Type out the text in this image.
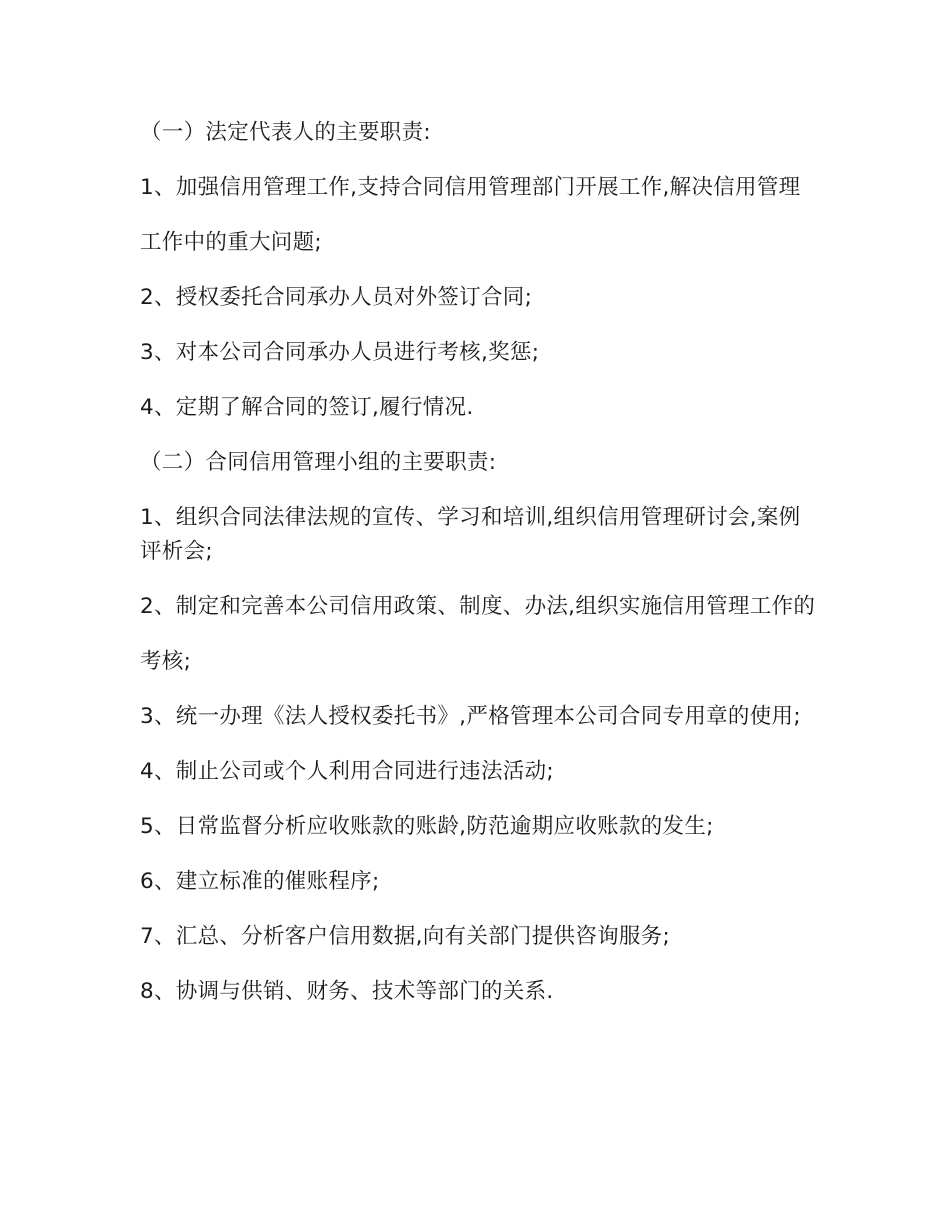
（一）法定代表人的主要职责:

1、加强信用管理工作,支持合同信用管理部门开展工作,解决信用管理

工作中的重大问题;

2、授权委托合同承办人员对外签订合同;

3、对本公司合同承办人员进行考核,奖惩;

4、定期了解合同的签订,履行情况.

（二）合同信用管理小组的主要职责:

1、组织合同法律法规的宣传、学习和培训,组织信用管理研讨会,案例评析会;

2、制定和完善本公司信用政策、制度、办法,组织实施信用管理工作的

考核;

3、统一办理《法人授权委托书》,严格管理本公司合同专用章的使用;

4、制止公司或个人利用合同进行违法活动;

5、日常监督分析应收账款的账龄,防范逾期应收账款的发生;

6、建立标准的催账程序;

7、汇总、分析客户信用数据,向有关部门提供咨询服务;

8、协调与供销、财务、技术等部门的关系.
